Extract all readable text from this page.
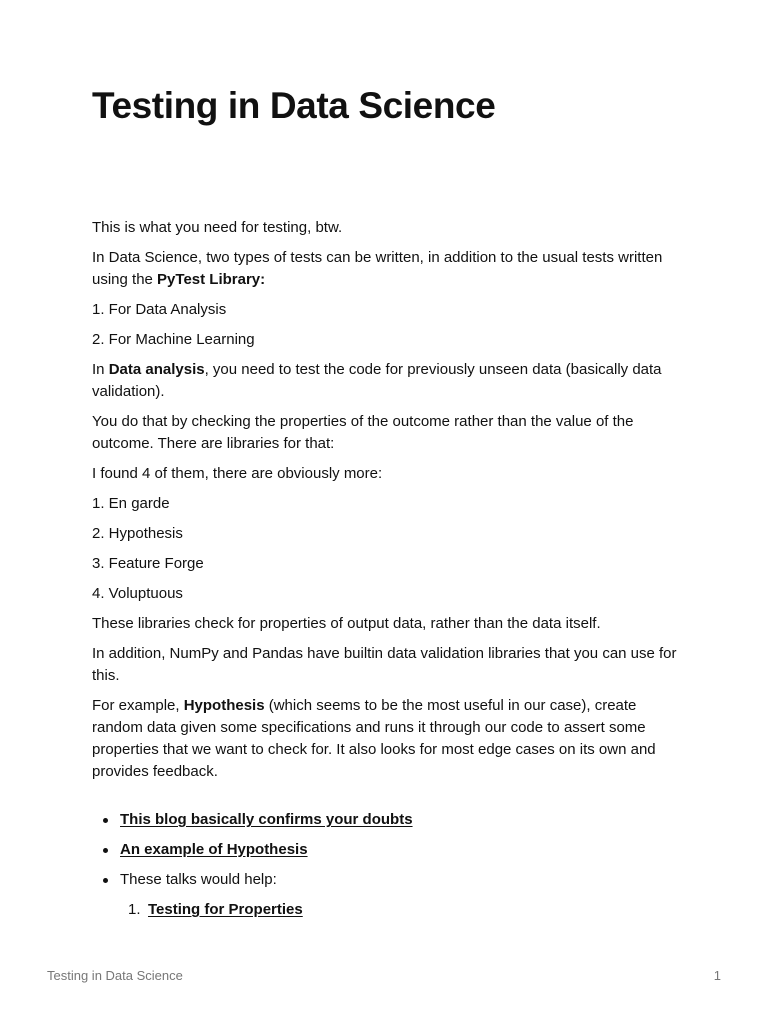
Testing in Data Science

This is what you need for testing, btw.

In Data Science, two types of tests can be written, in addition to the usual tests written using the PyTest Library:

1. For Data Analysis

2. For Machine Learning

In Data analysis, you need to test the code for previously unseen data (basically data validation).

You do that by checking the properties of the outcome rather than the value of the outcome. There are libraries for that:

I found 4 of them, there are obviously more:

1. En garde

2. Hypothesis

3. Feature Forge

4. Voluptuous

These libraries check for properties of output data, rather than the data itself.

In addition, NumPy and Pandas have builtin data validation libraries that you can use for this.

For example, Hypothesis (which seems to be the most useful in our case), create random data given some specifications and runs it through our code to assert some properties that we want to check for. It also looks for most edge cases on its own and provides feedback.

This blog basically confirms your doubts
An example of Hypothesis
These talks would help:
1. Testing for Properties
Testing in Data Science	1
